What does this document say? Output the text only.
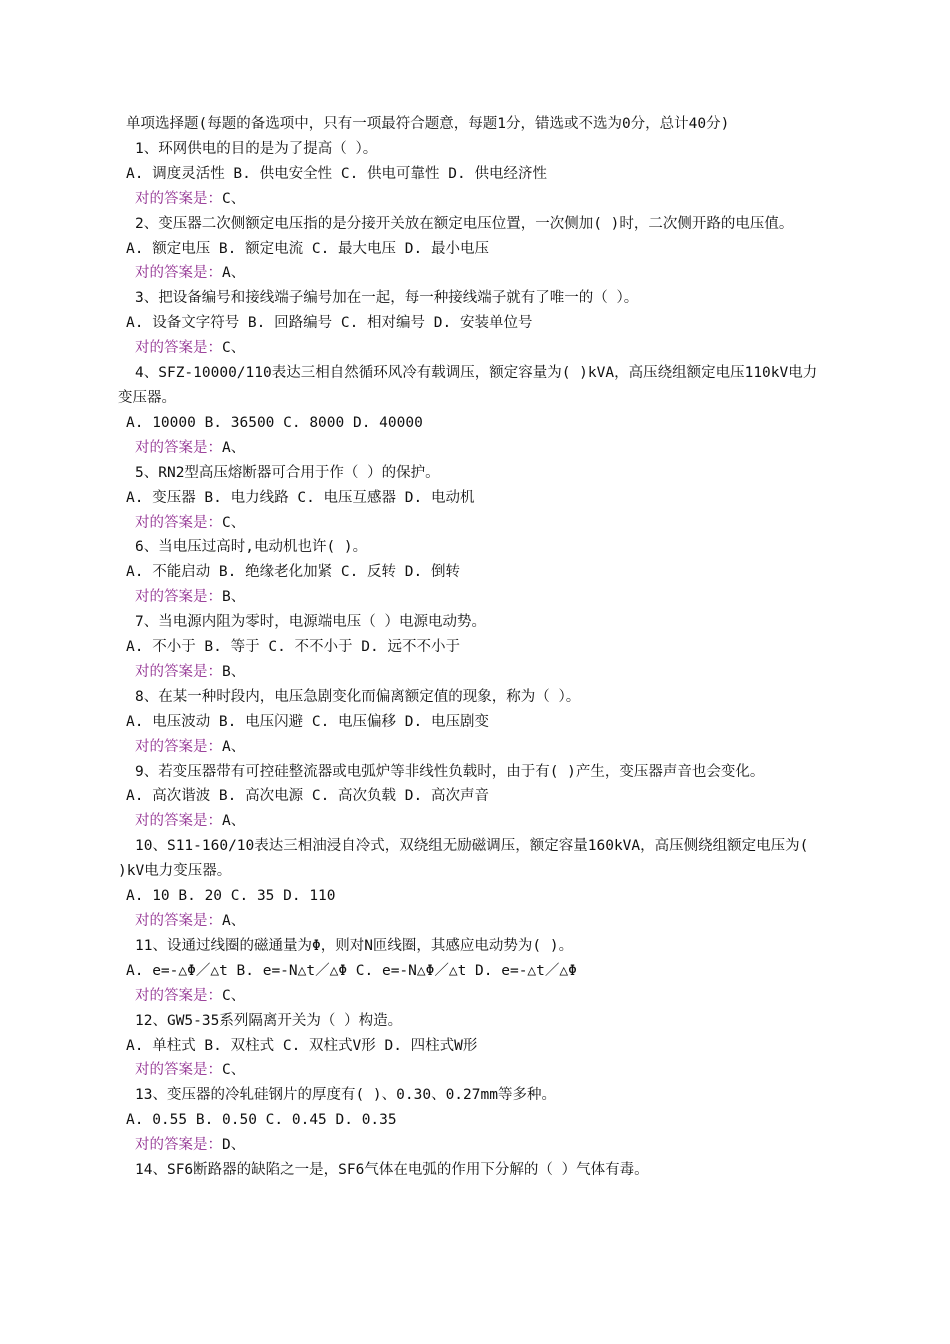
单项选择题(每题的备选项中，只有一项最符合题意，每题1分，错选或不选为0分，总计40分)

1、环网供电的目的是为了提高（ ）。

A. 调度灵活性 B. 供电安全性 C. 供电可靠性 D. 供电经济性

对的答案是：C、

2、变压器二次侧额定电压指的是分接开关放在额定电压位置，一次侧加( )时，二次侧开路的电压值。

A. 额定电压 B. 额定电流 C. 最大电压 D. 最小电压

对的答案是：A、

3、把设备编号和接线端子编号加在一起，每一种接线端子就有了唯一的（ ）。

A. 设备文字符号 B. 回路编号 C. 相对编号 D. 安装单位号

对的答案是：C、

4、SFZ-10000/110表达三相自然循环风冷有载调压，额定容量为( )kVA，高压绕组额定电压110kV电力变压器。

A. 10000 B. 36500 C. 8000 D. 40000

对的答案是：A、

5、RN2型高压熔断器可合用于作（ ）的保护。

A. 变压器 B. 电力线路 C. 电压互感器 D. 电动机

对的答案是：C、

6、当电压过高时,电动机也许( )。

A. 不能启动 B. 绝缘老化加紧 C. 反转 D. 倒转

对的答案是：B、

7、当电源内阻为零时，电源端电压（ ）电源电动势。

A. 不小于 B. 等于 C. 不不小于 D. 远不不小于

对的答案是：B、

8、在某一种时段内，电压急剧变化而偏离额定值的现象，称为（ ）。

A. 电压波动 B. 电压闪避 C. 电压偏移 D. 电压剧变

对的答案是：A、

9、若变压器带有可控硅整流器或电弧炉等非线性负载时，由于有( )产生，变压器声音也会变化。

A. 高次谐波 B. 高次电源 C. 高次负载 D. 高次声音

对的答案是：A、

10、S11-160/10表达三相油浸自冷式，双绕组无励磁调压，额定容量160kVA，高压侧绕组额定电压为( )kV电力变压器。

A. 10 B. 20 C. 35 D. 110

对的答案是：A、

11、设通过线圈的磁通量为Φ，则对N匝线圈，其感应电动势为( )。

A. e=-△Φ／△t B. e=-N△t／△Φ C. e=-N△Φ／△t D. e=-△t／△Φ

对的答案是：C、

12、GW5-35系列隔离开关为（ ）构造。

A. 单柱式 B. 双柱式 C. 双柱式V形 D. 四柱式W形

对的答案是：C、

13、变压器的冷轧硅钢片的厚度有( )、0.30、0.27mm等多种。

A. 0.55 B. 0.50 C. 0.45 D. 0.35

对的答案是：D、

14、SF6断路器的缺陷之一是，SF6气体在电弧的作用下分解的（ ）气体有毒。
